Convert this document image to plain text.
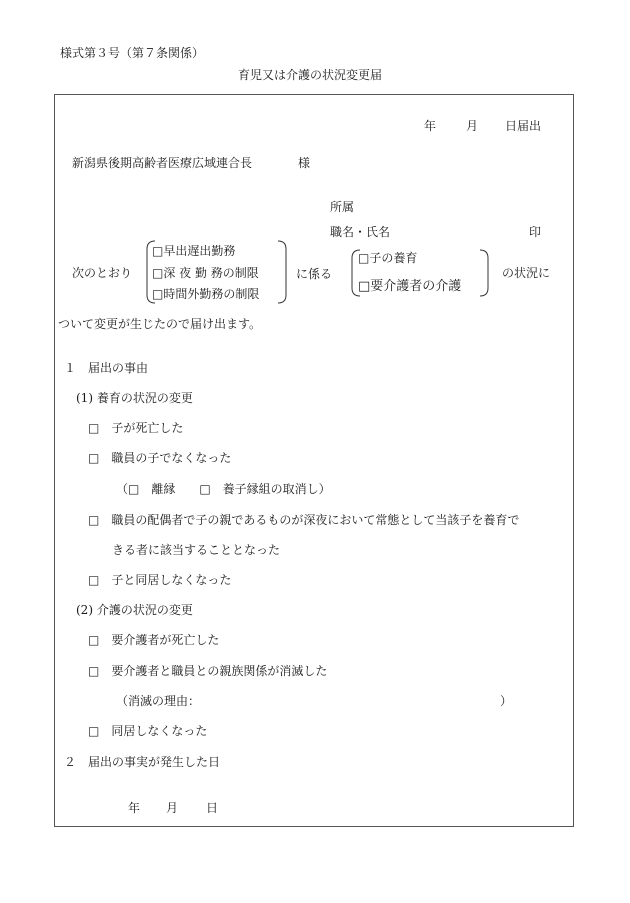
様式第３号（第７条関係）
育児又は介護の状況変更届
年 月 日届出
新潟県後期高齢者医療広域連合長	様
所属
職名・氏名	印
次のとおり
□早出遅出勤務
□深 夜 勤 務の制限
□時間外勤務の制限
に係る
□子の養育
□要介護者の介護
の状況に
ついて変更が生じたので届け出ます。
１　届出の事由
(1) 養育の状況の変更
□　子が死亡した
□　職員の子でなくなった
（□　離縁　　□　養子縁組の取消し）
□　職員の配偶者で子の親であるものが深夜において常態として当該子を養育で
きる者に該当することとなった
□　子と同居しなくなった
(2) 介護の状況の変更
□　要介護者が死亡した
□　要介護者と職員との親族関係が消滅した
（消滅の理由：	）
□　同居しなくなった
２　届出の事実が発生した日
年 月 日
